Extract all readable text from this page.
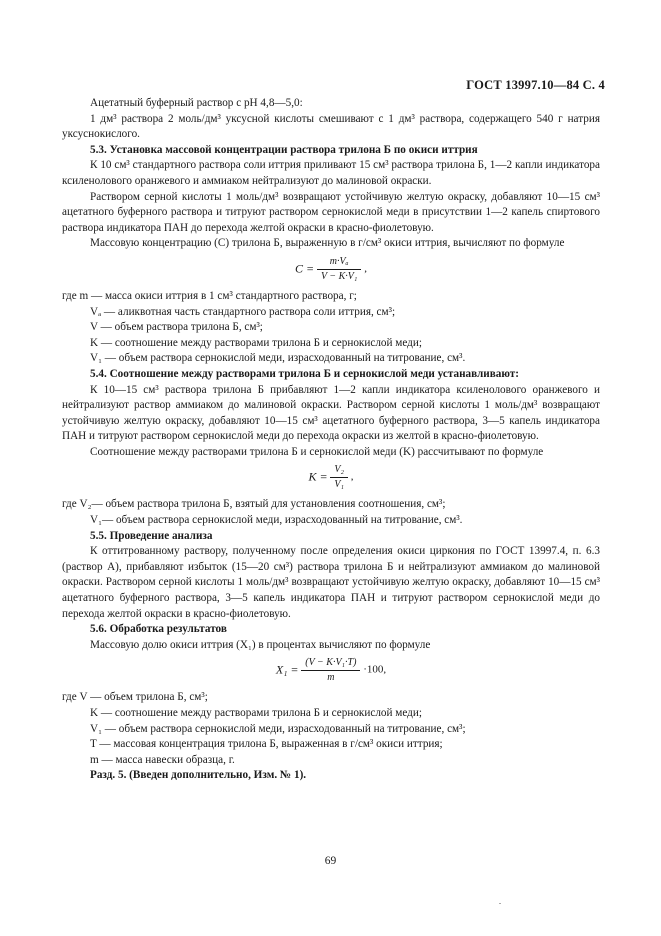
ГОСТ 13997.10—84 С. 4

Ацетатный буферный раствор с pH 4,8—5,0:

1 дм³ раствора 2 моль/дм³ уксусной кислоты смешивают с 1 дм³ раствора, содержащего 540 г натрия уксуснокислого.

5.3. Установка массовой концентрации раствора трилона Б по окиси иттрия

К 10 см³ стандартного раствора соли иттрия приливают 15 см³ раствора трилона Б, 1—2 капли индикатора ксиленолового оранжевого и аммиаком нейтрализуют до малиновой окраски.

Раствором серной кислоты 1 моль/дм³ возвращают устойчивую желтую окраску, добавляют 10—15 см³ ацетатного буферного раствора и титруют раствором сернокислой меди в присутствии 1—2 капель спиртового раствора индикатора ПАН до перехода желтой окраски в красно-фиолетовую.

Массовую концентрацию (C) трилона Б, выраженную в г/см³ окиси иттрия, вычисляют по формуле

$C = \frac{\text{m·Vₐ}}{\text{V − K·V₁}}$ ,

где m — масса окиси иттрия в 1 см³ стандартного раствора, г;

Vₐ — аликвотная часть стандартного раствора соли иттрия, см³;

V — объем раствора трилона Б, см³;

K — соотношение между растворами трилона Б и сернокислой меди;

V₁ — объем раствора сернокислой меди, израсходованный на титрование, см³.

5.4. Соотношение между растворами трилона Б и сернокислой меди устанавливают:

К 10—15 см³ раствора трилона Б прибавляют 1—2 капли индикатора ксиленолового оранжевого и нейтрализуют раствор аммиаком до малиновой окраски. Раствором серной кислоты 1 моль/дм³ возвращают устойчивую желтую окраску, добавляют 10—15 см³ ацетатного буферного раствора, 3—5 капель индикатора ПАН и титруют раствором сернокислой меди до перехода окраски из желтой в красно-фиолетовую.

Соотношение между растворами трилона Б и сернокислой меди (K) рассчитывают по формуле

$K = \frac{\text{V₂}}{\text{V₁}}$ ,

где V₂— объем раствора трилона Б, взятый для установления соотношения, см³;

V₁— объем раствора сернокислой меди, израсходованный на титрование, см³.

5.5. Проведение анализа

К оттитрованному раствору, полученному после определения окиси циркония по ГОСТ 13997.4, п. 6.3 (раствор А), прибавляют избыток (15—20 см³) раствора трилона Б и нейтрализуют аммиаком до малиновой окраски. Раствором серной кислоты 1 моль/дм³ возвращают устойчивую желтую окраску, добавляют 10—15 см³ ацетатного буферного раствора, 3—5 капель индикатора ПАН и титруют раствором сернокислой меди до перехода желтой окраски в красно-фиолетовую.

5.6. Обработка результатов

Массовую долю окиси иттрия (X₁) в процентах вычисляют по формуле

$X_1 = \frac{\text{(V − K·V₁·T)}}{m} \cdot 100$,

где V — объем трилона Б, см³;

K — соотношение между растворами трилона Б и сернокислой меди;

V₁ — объем раствора сернокислой меди, израсходованный на титрование, см³;

T — массовая концентрация трилона Б, выраженная в г/см³ окиси иттрия;

m — масса навески образца, г.

Разд. 5. (Введен дополнительно, Изм. № 1).

69
.
